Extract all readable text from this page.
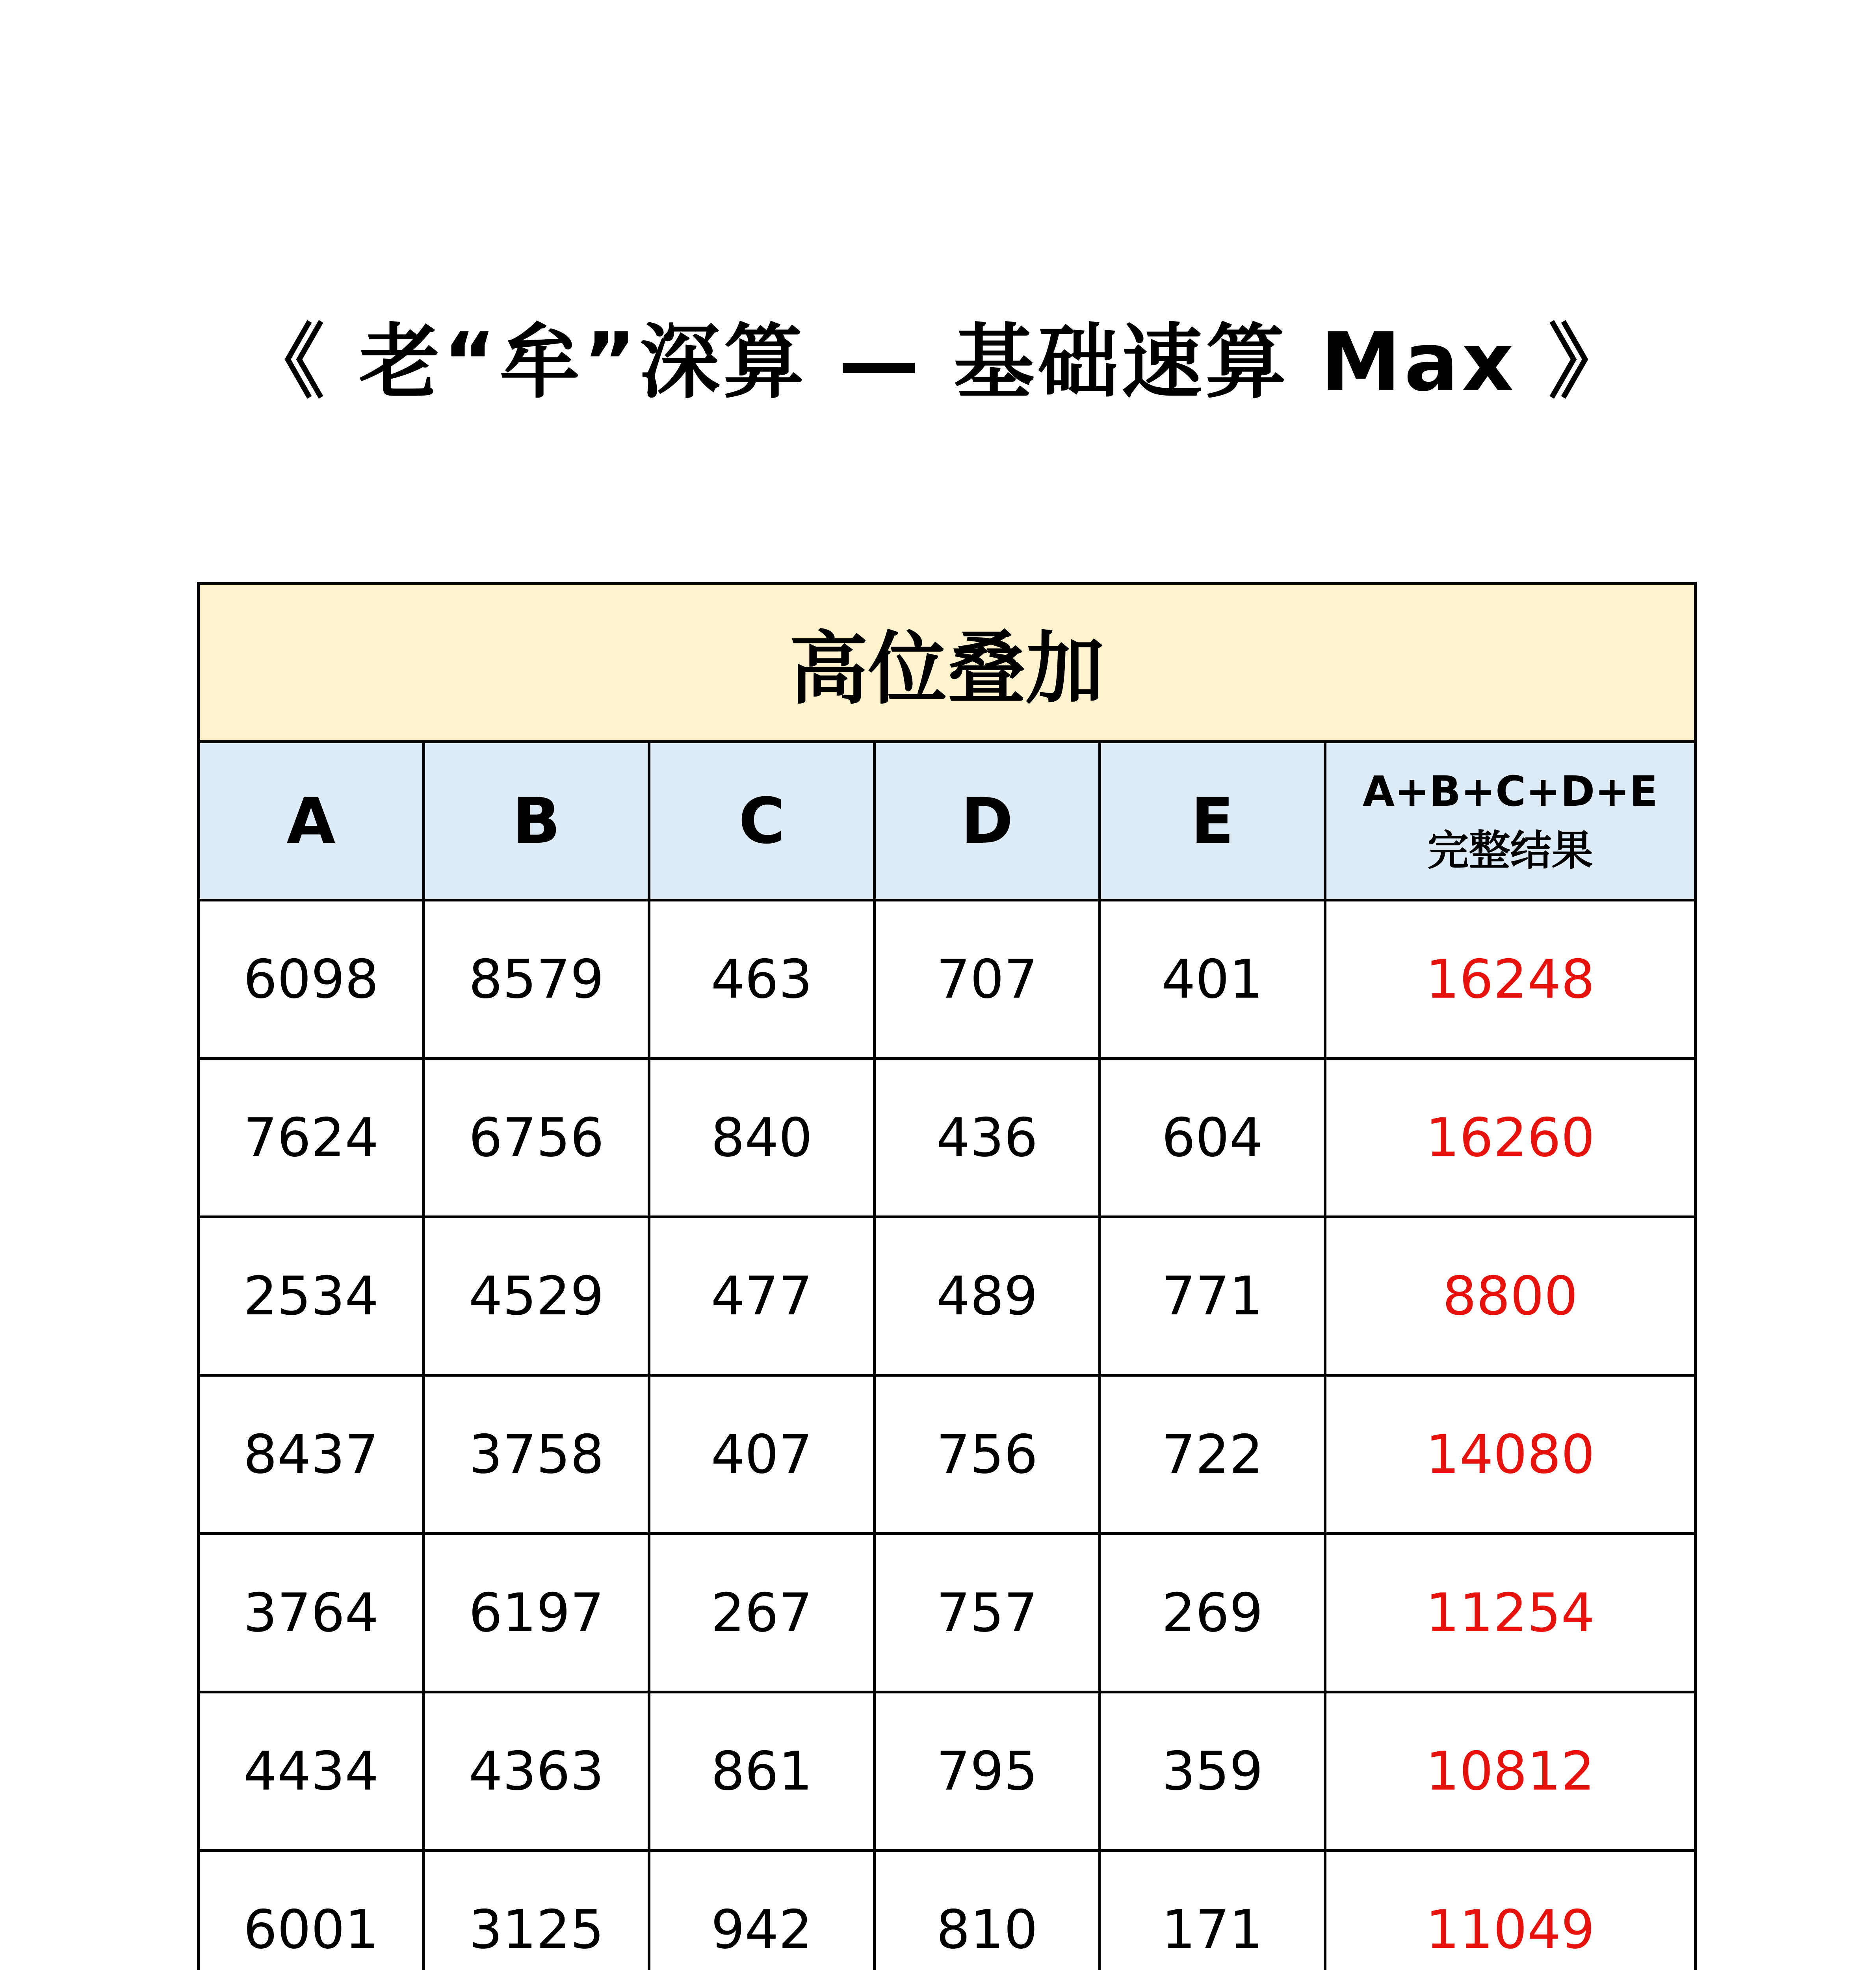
《 老“牟”深算 — 基础速算 Max 》
高位叠加					
A	B	C	D	E	A+B+C+D+E
完整结果

6098	8579	463	707	401	16248
7624	6756	840	436	604	16260
2534	4529	477	489	771	8800
8437	3758	407	756	722	14080
3764	6197	267	757	269	11254
4434	4363	861	795	359	10812
6001	3125	942	810	171	11049
